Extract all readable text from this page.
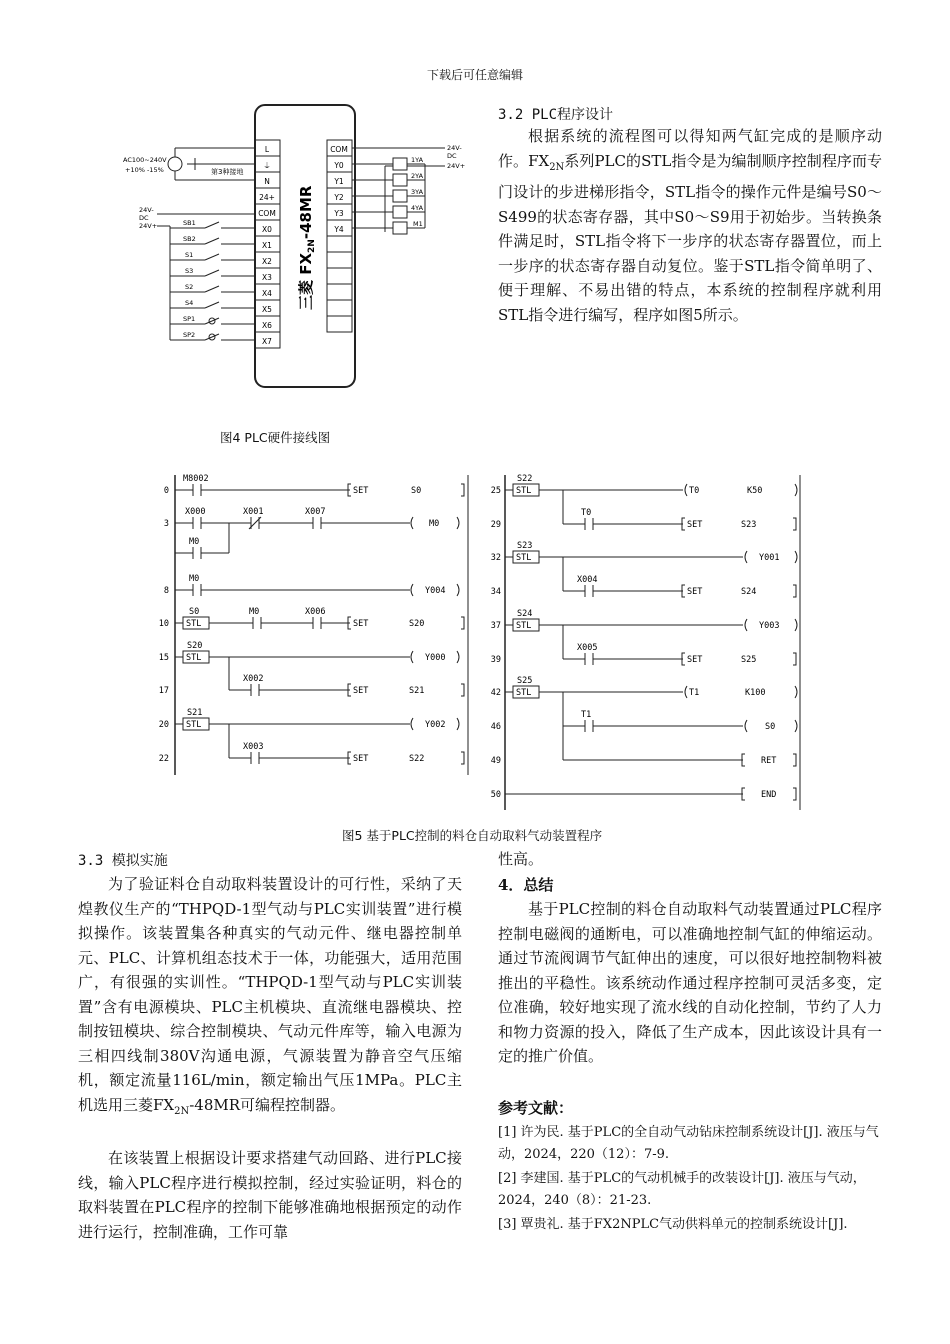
下载后可任意编辑
AC100~240V
+10% -15%	第3种接地
24V-
DC
24V+
24V-
DC
24V+
L
⏚
N
24+
COM
X0
X1
X2
X3
X4
X5
X6
X7
COM
Y0
Y1
Y2
Y3
Y4
SB1
SB2
S1
S3
S2
S4
SP1
SP2
1YA
2YA
3YA
4YA
M1
三菱 $FX_{2N}-48MR$
图4 PLC硬件接线图
3.2 PLC程序设计

根据系统的流程图可以得知两气缸完成的是顺序动作。$FX_{2N}$系列PLC的STL指令是为编制顺序控制程序而专门设计的步进梯形指令，STL指令的操作元件是编号S0～S499的状态寄存器，其中S0～S9用于初始步。当转换条件满足时，STL指令将下一步序的状态寄存器置位，而上一步序的状态寄存器自动复位。鉴于STL指令简单明了、便于理解、不易出错的特点，本系统的控制程序就利用STL指令进行编写，程序如图5所示。

0
3
8
10
15
17
20
22
25
29
32
34
37
39
42
46
49
50
M8002
SET	S0
X000	X001	X007
M0
M0
M0
Y004
S0
STL
M0	X006
SET	S20
S20
STL	Y000
X002
SET	S21
S21
STL	Y002
X003
SET	S22
S22
STL	T0	K50
T0
SET	S23
S23
STL	Y001
X004
SET	S24
S24
STL	Y003
X005
SET	S25
S25
STL	T1	K100
T1
S0
RET
END
图5 基于PLC控制的料仓自动取料气动装置程序
3.3 模拟实施

为了验证料仓自动取料装置设计的可行性，采纳了天煌教仪生产的“THPQD-1型气动与PLC实训装置”进行模拟操作。该装置集各种真实的气动元件、继电器控制单元、PLC、计算机组态技术于一体，功能强大，适用范围广，有很强的实训性。“THPQD-1型气动与PLC实训装置”含有电源模块、PLC主机模块、直流继电器模块、控制按钮模块、综合控制模块、气动元件库等，输入电源为三相四线制380V沟通电源，气源装置为静音空气压缩机，额定流量116L/min，额定输出气压1MPa。PLC主机选用三菱$FX_{2N}-48MR$可编程控制器。

在该装置上根据设计要求搭建气动回路、进行PLC接线，输入PLC程序进行模拟控制，经过实验证明，料仓的取料装置在PLC程序的控制下能够准确地根据预定的动作进行运行，控制准确，工作可靠

性高。

4．总结

基于PLC控制的料仓自动取料气动装置通过PLC程序控制电磁阀的通断电，可以准确地控制气缸的伸缩运动。通过节流阀调节气缸伸出的速度，可以很好地控制物料被推出的平稳性。该系统动作通过程序控制可灵活多变，定位准确，较好地实现了流水线的自动化控制，节约了人力和物力资源的投入，降低了生产成本，因此该设计具有一定的推广价值。

参考文献：

[1] 许为民. 基于PLC的全自动气动钻床控制系统设计[J]. 液压与气动，2024，220（12）：7-9.

[2] 李建国. 基于PLC的气动机械手的改装设计[J]. 液压与气动，2024，240（8）：21-23.

[3] 覃贵礼. 基于FX2NPLC气动供料单元的控制系统设计[J].
